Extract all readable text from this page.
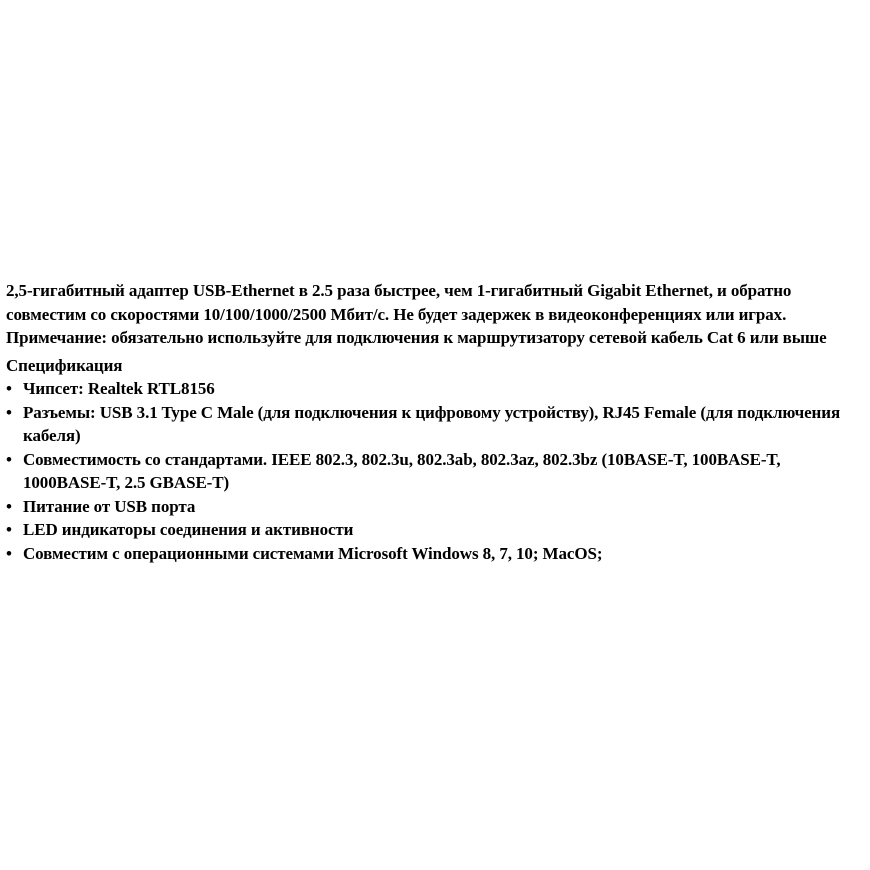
2,5-гигабитный адаптер USB-Ethernet в 2.5 раза быстрее, чем 1-гигабитный Gigabit Ethernet, и обратно совместим со скоростями 10/100/1000/2500 Мбит/с. Не будет задержек в видеоконференциях или играх.

Примечание: обязательно используйте для подключения к маршрутизатору сетевой кабель Cat 6 или выше

Спецификация

• Чипсет: Realtek RTL8156
• Разъемы: USB 3.1 Type C Male (для подключения к цифровому устройству), RJ45 Female (для подключения кабеля)
• Совместимость со стандартами. IEEE 802.3, 802.3u, 802.3ab, 802.3az, 802.3bz (10BASE-T, 100BASE-T, 1000BASE-T, 2.5 GBASE-T)
• Питание от USB порта
• LED индикаторы соединения и активности
• Совместим с операционными системами Microsoft Windows 8, 7, 10; MacOS;
